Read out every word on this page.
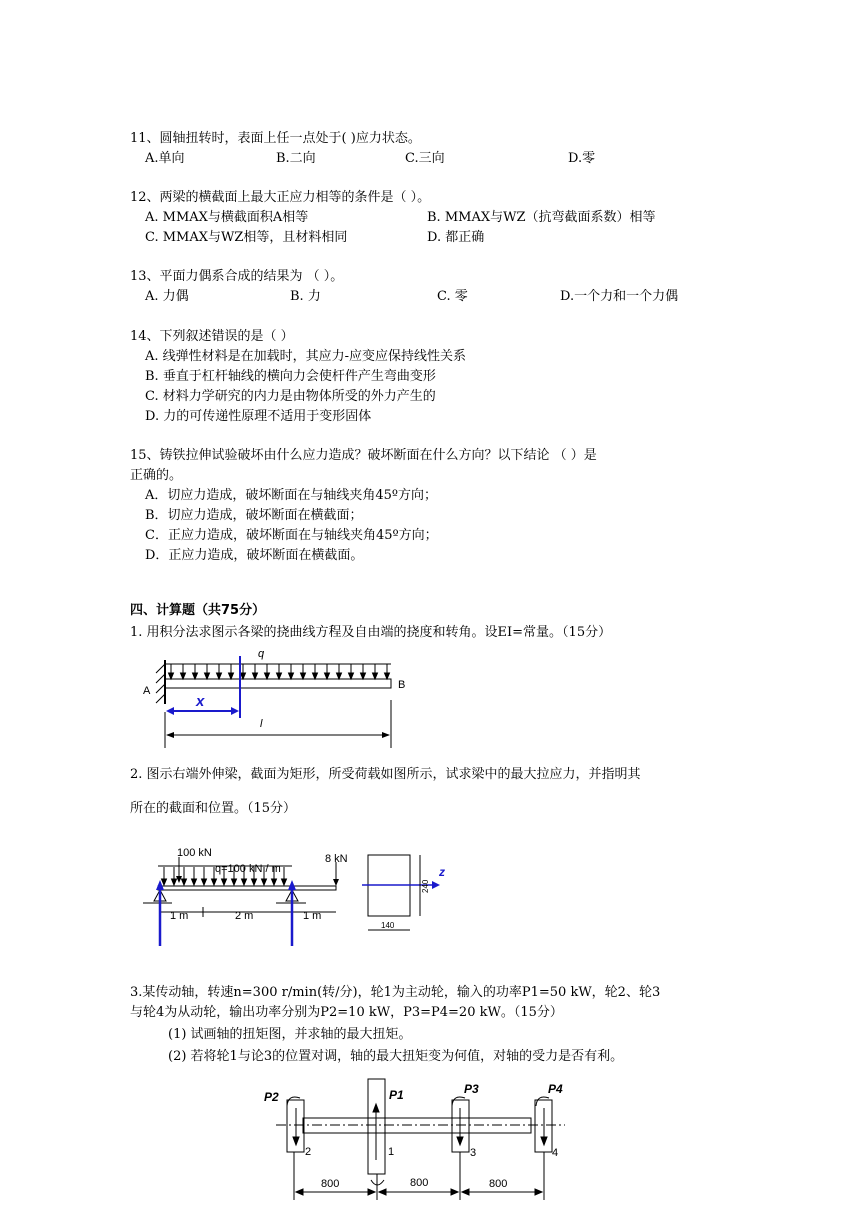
11、圆轴扭转时，表面上任一点处于( )应力状态。
A.单向	B.二向	C.三向	D.零
12、两梁的横截面上最大正应力相等的条件是（ ）。
A. MMAX与横截面积A相等	B. MMAX与WZ（抗弯截面系数）相等
C. MMAX与WZ相等，且材料相同	D. 都正确
13、平面力偶系合成的结果为 （ ）。
A. 力偶	B. 力	C. 零	D.一个力和一个力偶
14、下列叙述错误的是（ ）
A. 线弹性材料是在加载时，其应力-应变应保持线性关系
B. 垂直于杠杆轴线的横向力会使杆件产生弯曲变形
C. 材料力学研究的内力是由物体所受的外力产生的
D. 力的可传递性原理不适用于变形固体
15、铸铁拉伸试验破坏由什么应力造成？破坏断面在什么方向？以下结论 （ ）是
正确的。
A．切应力造成，破坏断面在与轴线夹角45º方向；
B．切应力造成，破坏断面在横截面；
C．正应力造成，破坏断面在与轴线夹角45º方向；
D．正应力造成，破坏断面在横截面。
四、计算题（共75分）
1. 用积分法求图示各梁的挠曲线方程及自由端的挠度和转角。设EI=常量。（15分）
2. 图示右端外伸梁，截面为矩形，所受荷载如图所示，试求梁中的最大拉应力，并指明其
所在的截面和位置。（15分）
3.某传动轴，转速n=300 r/min(转/分)，轮1为主动轮，输入的功率P1=50 kW，轮2、轮3
与轮4为从动轮，输出功率分别为P2=10 kW，P3=P4=20 kW。（15分）
(1) 试画轴的扭矩图，并求轴的最大扭矩。
(2) 若将轮1与论3的位置对调，轴的最大扭矩变为何值，对轴的受力是否有利。
q
A	B
x
l
100 kN
q=100 kN / m
8 kN
1 m	2 m	1 m
240
140
z
P2	P1	P3	P4
2	1	3	4
800	800	800
